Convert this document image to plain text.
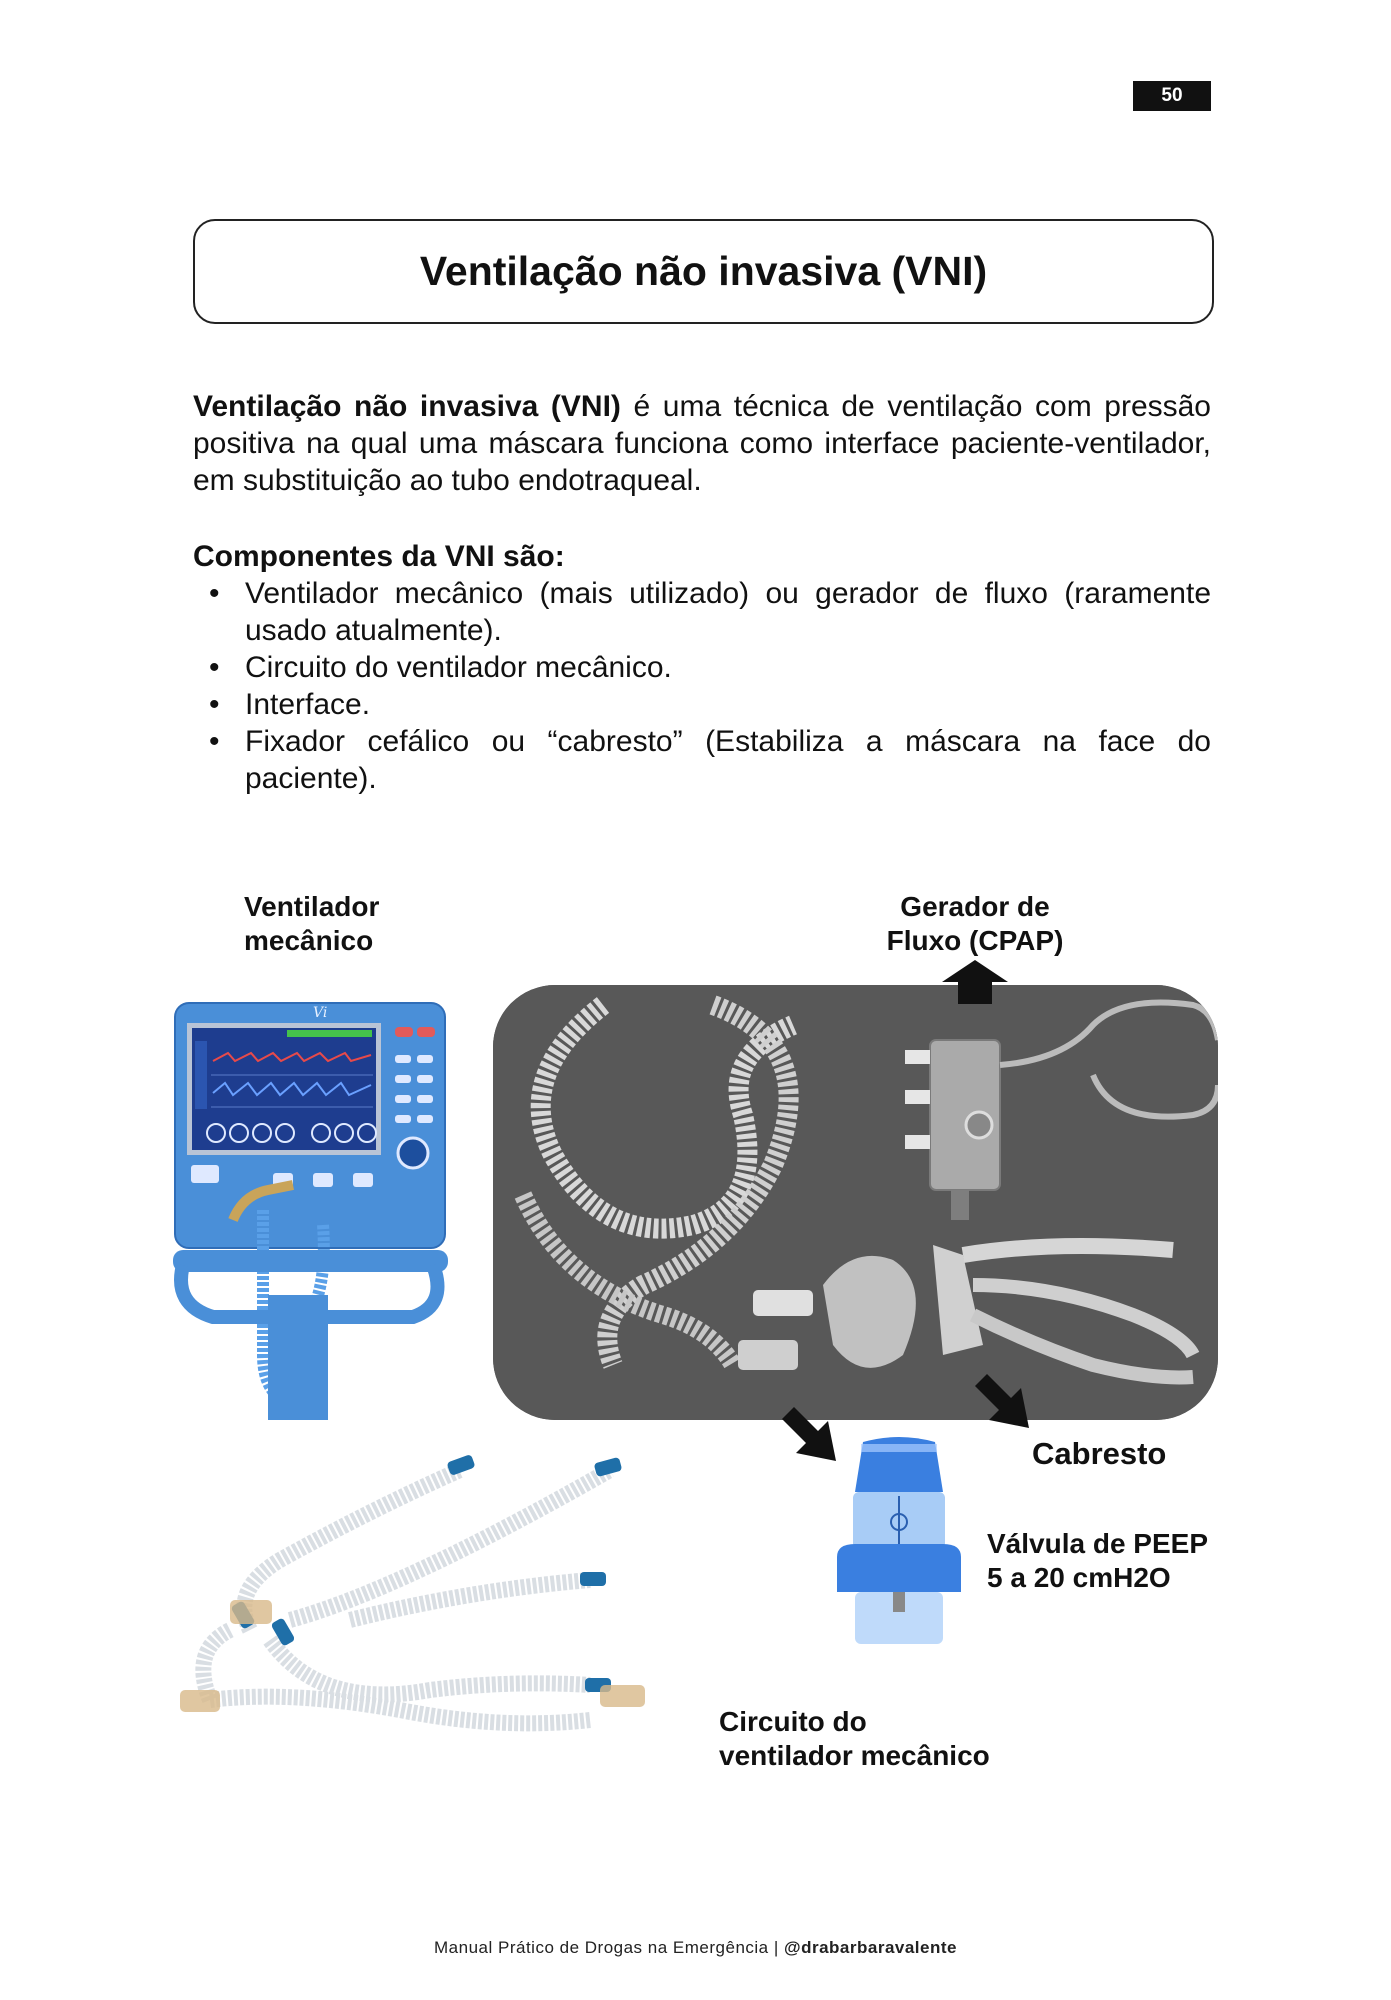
50
Ventilação não invasiva (VNI)
Ventilação não invasiva (VNI) é uma técnica de ventilação com pressão positiva na qual uma máscara funciona como interface paciente-ventilador, em substituição ao tubo endotraqueal.
Componentes da VNI são:
• Ventilador mecânico (mais utilizado) ou gerador de fluxo (raramente usado atualmente).
• Circuito do ventilador mecânico.
• Interface.
• Fixador cefálico ou “cabresto” (Estabiliza a máscara na face do paciente).
Ventilador
mecânico
Gerador de
Fluxo (CPAP)
Cabresto
Válvula de PEEP
5 a 20 cmH2O
Circuito do
ventilador mecânico
Vi
Manual Prático de Drogas na Emergência | @drabarbaravalente
